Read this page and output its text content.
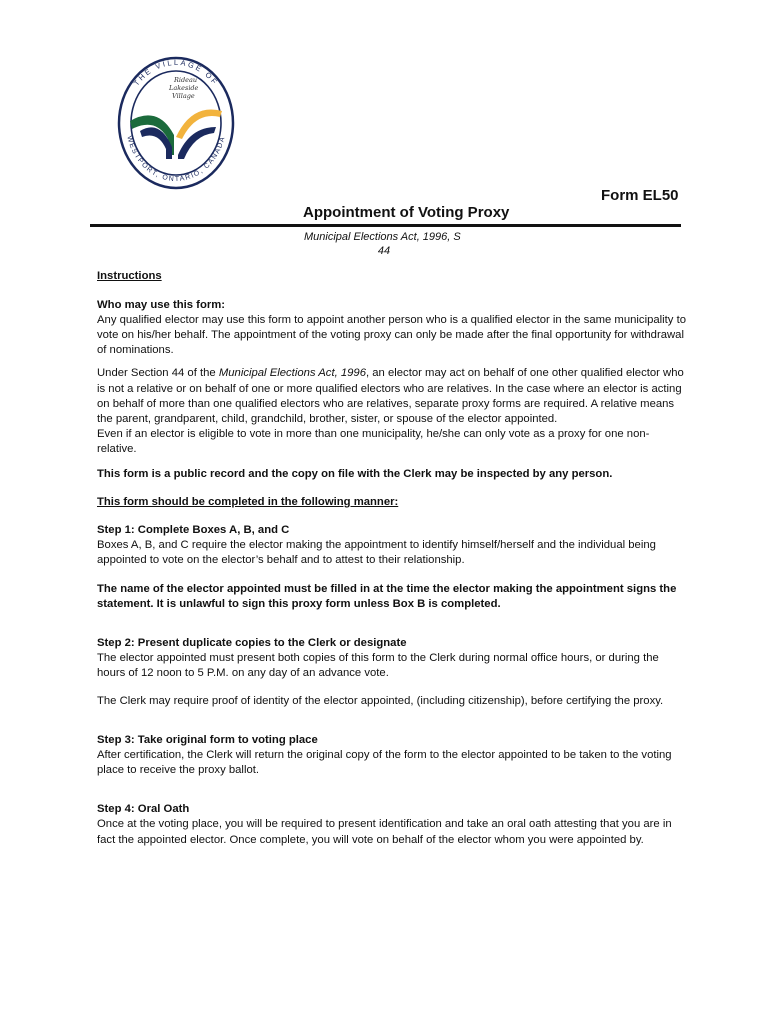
THE VILLAGE OF
WESTPORT, ONTARIO, CANADA
Rideau
Lakeside
Village
Form EL50
Appointment of Voting Proxy
Municipal Elections Act, 1996, S
44

Instructions

Who may use this form:

Any qualified elector may use this form to appoint another person who is a qualified elector in the same municipality to vote on his/her behalf. The appointment of the voting proxy can only be made after the final opportunity for withdrawal of nominations.

Under Section 44 of the Municipal Elections Act, 1996, an elector may act on behalf of one other qualified elector who is not a relative or on behalf of one or more qualified electors who are relatives. In the case where an elector is acting on behalf of more than one qualified electors who are relatives, separate proxy forms are required. A relative means the parent, grandparent, child, grandchild, brother, sister, or spouse of the elector appointed.

Even if an elector is eligible to vote in more than one municipality, he/she can only vote as a proxy for one non-relative.

This form is a public record and the copy on file with the Clerk may be inspected by any person.

This form should be completed in the following manner:

Step 1: Complete Boxes A, B, and C

Boxes A, B, and C require the elector making the appointment to identify himself/herself and the individual being appointed to vote on the elector’s behalf and to attest to their relationship.

The name of the elector appointed must be filled in at the time the elector making the appointment signs the statement. It is unlawful to sign this proxy form unless Box B is completed.

Step 2: Present duplicate copies to the Clerk or designate

The elector appointed must present both copies of this form to the Clerk during normal office hours, or during the hours of 12 noon to 5 P.M. on any day of an advance vote.

The Clerk may require proof of identity of the elector appointed, (including citizenship), before certifying the proxy.

Step 3: Take original form to voting place

After certification, the Clerk will return the original copy of the form to the elector appointed to be taken to the voting place to receive the proxy ballot.

Step 4: Oral Oath

Once at the voting place, you will be required to present identification and take an oral oath attesting that you are in fact the appointed elector. Once complete, you will vote on behalf of the elector whom you were appointed by.
